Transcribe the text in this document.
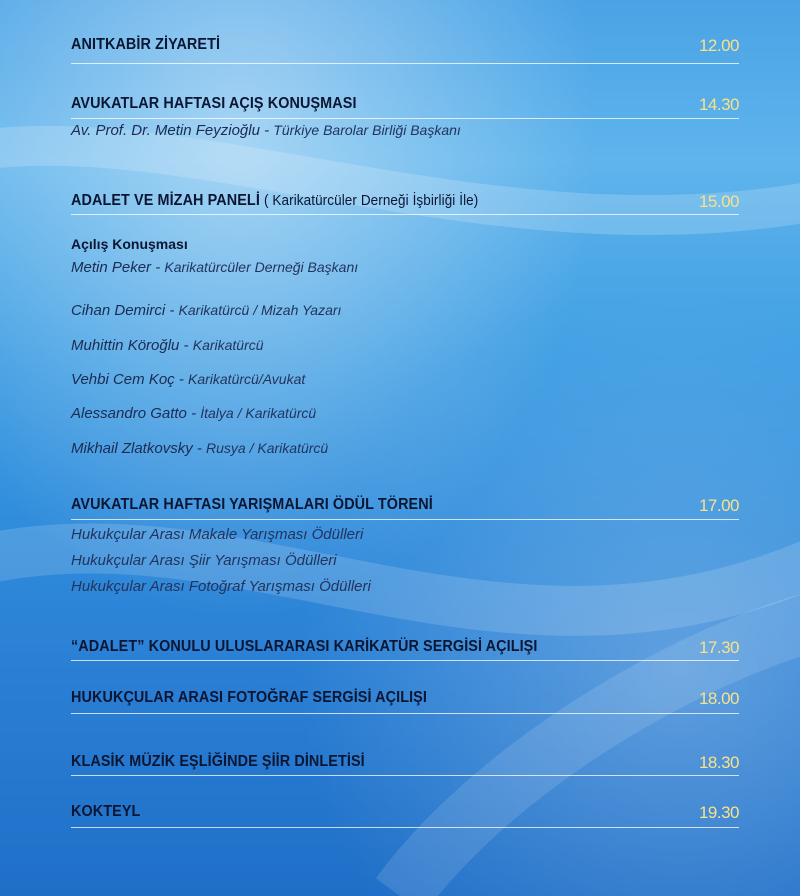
ANITKABİR ZİYARETİ	12.00
AVUKATLAR HAFTASI AÇIŞ KONUŞMASI	14.30
Av. Prof. Dr. Metin Feyzioğlu - Türkiye Barolar Birliği Başkanı
ADALET VE MİZAH PANELİ ( Karikatürcüler Derneği İşbirliği İle)	15.00
Açılış Konuşması
Metin Peker - Karikatürcüler Derneği Başkanı
Cihan Demirci - Karikatürcü / Mizah Yazarı
Muhittin Köroğlu - Karikatürcü
Vehbi Cem Koç - Karikatürcü/Avukat
Alessandro Gatto - İtalya / Karikatürcü
Mikhail Zlatkovsky - Rusya / Karikatürcü
AVUKATLAR HAFTASI YARIŞMALARI ÖDÜL TÖRENİ	17.00
Hukukçular Arası Makale Yarışması Ödülleri
Hukukçular Arası Şiir Yarışması Ödülleri
Hukukçular Arası Fotoğraf Yarışması Ödülleri
“ADALET” KONULU ULUSLARARASI KARİKATÜR SERGİSİ AÇILIŞI	17.30
HUKUKÇULAR ARASI FOTOĞRAF SERGİSİ AÇILIŞI	18.00
KLASİK MÜZİK EŞLİĞİNDE ŞİİR DİNLETİSİ	18.30
KOKTEYL	19.30
